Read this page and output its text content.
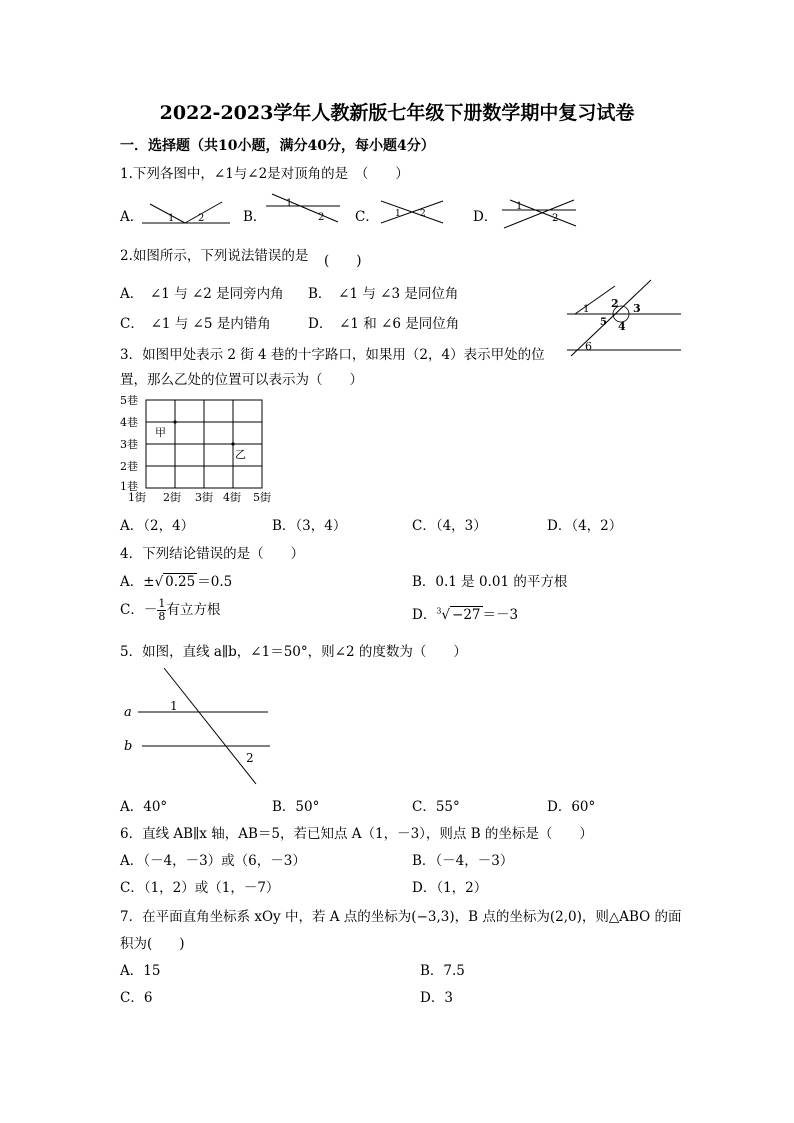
2022-2023学年人教新版七年级下册数学期中复习试卷
一．选择题（共10小题，满分40分，每小题4分）
1.下列各图中，∠1与∠2是对顶角的是　（　　）
A． 1 2	B．
1
2 C． 1 2	D．
1
2
2.如图所示，下列说法错误的是 (　　)
A．　∠1 与 ∠2 是同旁内角 B．　∠1 与 ∠3 是同位角
C．　∠1 与 ∠5 是内错角	D．　∠1 和 ∠6 是同位角
1 2 3
5 4
6
3．如图甲处表示 2 街 4 巷的十字路口，如果用（2，4）表示甲处的位
置，那么乙处的位置可以表示为（　　）
5巷
4巷
3巷
2巷
1巷
1街 2街 3街 4街 5街
甲
乙
A．（2，4）	B．（3，4）	C．（4，3）	D．（4，2）
4．下列结论错误的是（　　）
A．±√ 0.25 ＝0.5	B．0.1 是 0.01 的平方根
C．－ $\frac{1}{8}$ 有立方根	D．$^3$√ −27 ＝－3
5．如图，直线 a∥b，∠1＝50°，则∠2 的度数为（　　）
a
b
1
2
A．40°	B．50°	C．55°	D．60°
6．直线 AB∥x 轴，AB＝5，若已知点 A（1，－3），则点 B 的坐标是（　　）
A．（－4，－3）或（6，－3）	B．（－4，－3）
C．（1，2）或（1，－7）	D．（1，2）
7．在平面直角坐标系 xOy 中，若 A 点的坐标为(−3,3)，B 点的坐标为(2,0)，则△ABO 的面
积为(　　)
A．15	B．7.5
C．6	D．3
